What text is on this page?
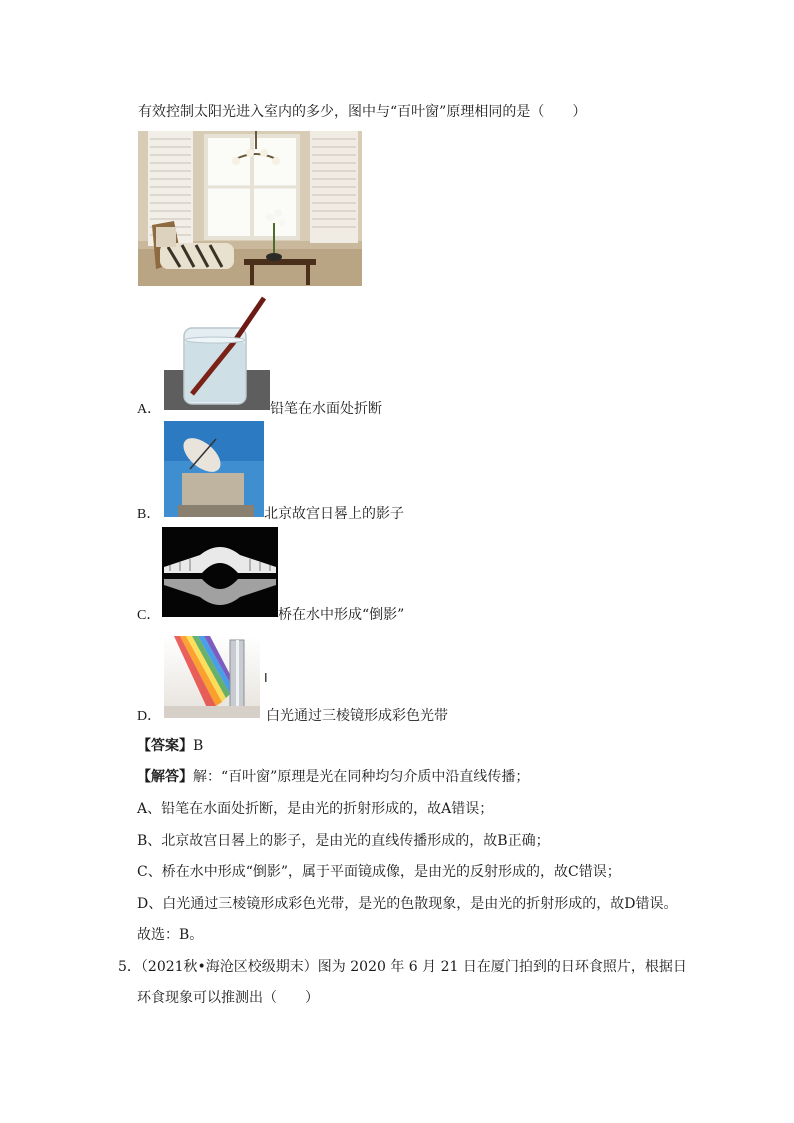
有效控制太阳光进入室内的多少，图中与“百叶窗”原理相同的是（　　）
A．	铅笔在水面处折断
B．	北京故宫日晷上的影子
C．	桥在水中形成“倒影”
I
D．	白光通过三棱镜形成彩色光带
【答案】B
【解答】解：“百叶窗”原理是光在同种均匀介质中沿直线传播；
A、铅笔在水面处折断，是由光的折射形成的，故A错误；
B、北京故宫日晷上的影子，是由光的直线传播形成的，故B正确；
C、桥在水中形成“倒影”，属于平面镜成像，是由光的反射形成的，故C错误；
D、白光通过三棱镜形成彩色光带，是光的色散现象，是由光的折射形成的，故D错误。
故选：B。
5．（2021秋•海沧区校级期末）图为 2020 年 6 月 21 日在厦门拍到的日环食照片，根据日
环食现象可以推测出（　　）
